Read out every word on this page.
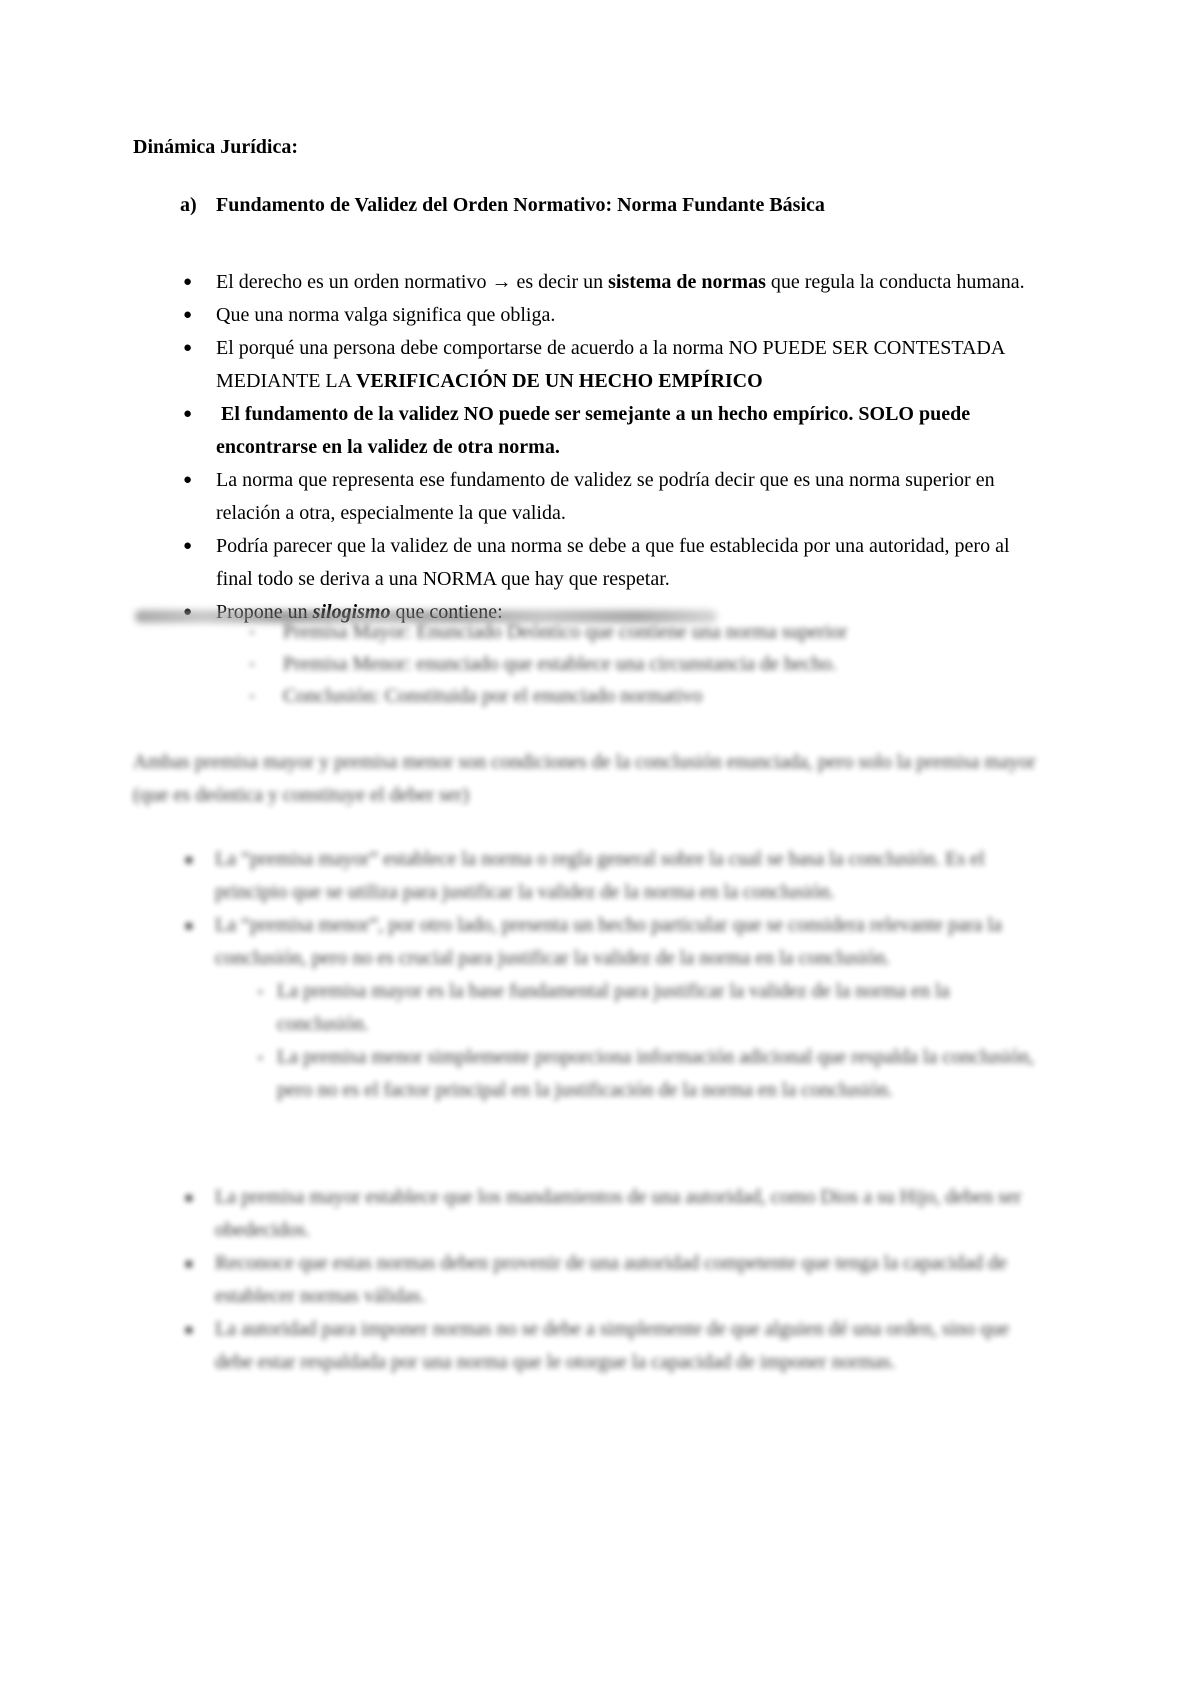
Dinámica Jurídica:
a) Fundamento de Validez del Orden Normativo: Norma Fundante Básica
● El derecho es un orden normativo → es decir un sistema de normas que regula la conducta humana.
● Que una norma valga significa que obliga.
● El porqué una persona debe comportarse de acuerdo a la norma NO PUEDE SER CONTESTADA MEDIANTE LA VERIFICACIÓN DE UN HECHO EMPÍRICO
● El fundamento de la validez NO puede ser semejante a un hecho empírico. SOLO puede encontrarse en la validez de otra norma.
● La norma que representa ese fundamento de validez se podría decir que es una norma superior en relación a otra, especialmente la que valida.
● Podría parecer que la validez de una norma se debe a que fue establecida por una autoridad, pero al final todo se deriva a una NORMA que hay que respetar.
▪ Premisa Mayor: Enunciado Deóntico que contiene una norma superior
▪ Premisa Menor: enunciado que establece una circunstancia de hecho.
▪ Conclusión: Constituida por el enunciado normativo

Ambas premisa mayor y premisa menor son condiciones de la conclusión enunciada, pero solo la premisa mayor (que es deóntica y constituye el deber ser)

■ La “premisa mayor” establece la norma o regla general sobre la cual se basa la conclusión. Es el principio que se utiliza para justificar la validez de la norma en la conclusión.
■ La “premisa menor”, por otro lado, presenta un hecho particular que se considera relevante para la conclusión, pero no es crucial para justificar la validez de la norma en la conclusión.
▪ La premisa mayor es la base fundamental para justificar la validez de la norma en la conclusión.
▪ La premisa menor simplemente proporciona información adicional que respalda la conclusión, pero no es el factor principal en la justificación de la norma en la conclusión.
■ La premisa mayor establece que los mandamientos de una autoridad, como Dios a su Hijo, deben ser obedecidos.
■ Reconoce que estas normas deben provenir de una autoridad competente que tenga la capacidad de establecer normas válidas.
■ La autoridad para imponer normas no se debe a simplemente de que alguien dé una orden, sino que debe estar respaldada por una norma que le otorgue la capacidad de imponer normas.
